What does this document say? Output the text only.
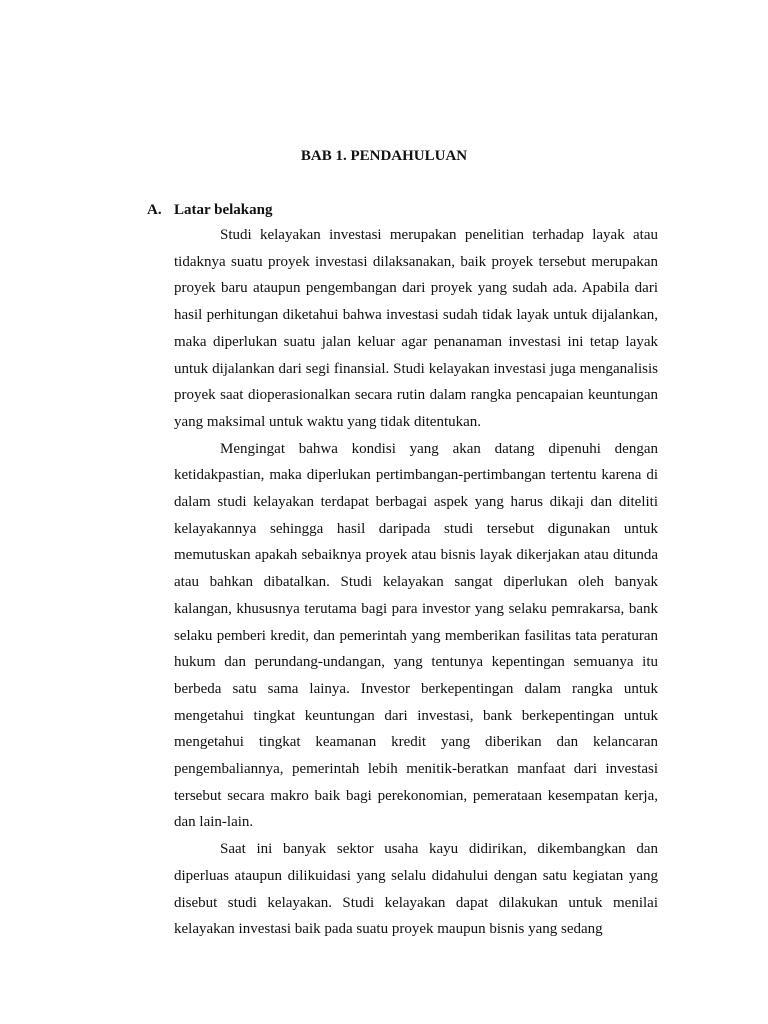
BAB 1. PENDAHULUAN
A. Latar belakang

Studi kelayakan investasi merupakan penelitian terhadap layak atau tidaknya suatu proyek investasi dilaksanakan, baik proyek tersebut merupakan proyek baru ataupun pengembangan dari proyek yang sudah ada. Apabila dari hasil perhitungan diketahui bahwa investasi sudah tidak layak untuk dijalankan, maka diperlukan suatu jalan keluar agar penanaman investasi ini tetap layak untuk dijalankan dari segi finansial. Studi kelayakan investasi juga menganalisis proyek saat dioperasionalkan secara rutin dalam rangka pencapaian keuntungan yang maksimal untuk waktu yang tidak ditentukan.

Mengingat bahwa kondisi yang akan datang dipenuhi dengan ketidakpastian, maka diperlukan pertimbangan-pertimbangan tertentu karena di dalam studi kelayakan terdapat berbagai aspek yang harus dikaji dan diteliti kelayakannya sehingga hasil daripada studi tersebut digunakan untuk memutuskan apakah sebaiknya proyek atau bisnis layak dikerjakan atau ditunda atau bahkan dibatalkan. Studi kelayakan sangat diperlukan oleh banyak kalangan, khususnya terutama bagi para investor yang selaku pemrakarsa, bank selaku pemberi kredit, dan pemerintah yang memberikan fasilitas tata peraturan hukum dan perundang-undangan, yang tentunya kepentingan semuanya itu berbeda satu sama lainya. Investor berkepentingan dalam rangka untuk mengetahui tingkat keuntungan dari investasi, bank berkepentingan untuk mengetahui tingkat keamanan kredit yang diberikan dan kelancaran pengembaliannya, pemerintah lebih menitik-beratkan manfaat dari investasi tersebut secara makro baik bagi perekonomian, pemerataan kesempatan kerja, dan lain-lain.

Saat ini banyak sektor usaha kayu didirikan, dikembangkan dan diperluas ataupun dilikuidasi yang selalu didahului dengan satu kegiatan yang disebut studi kelayakan. Studi kelayakan dapat dilakukan untuk menilai kelayakan investasi baik pada suatu proyek maupun bisnis yang sedang
